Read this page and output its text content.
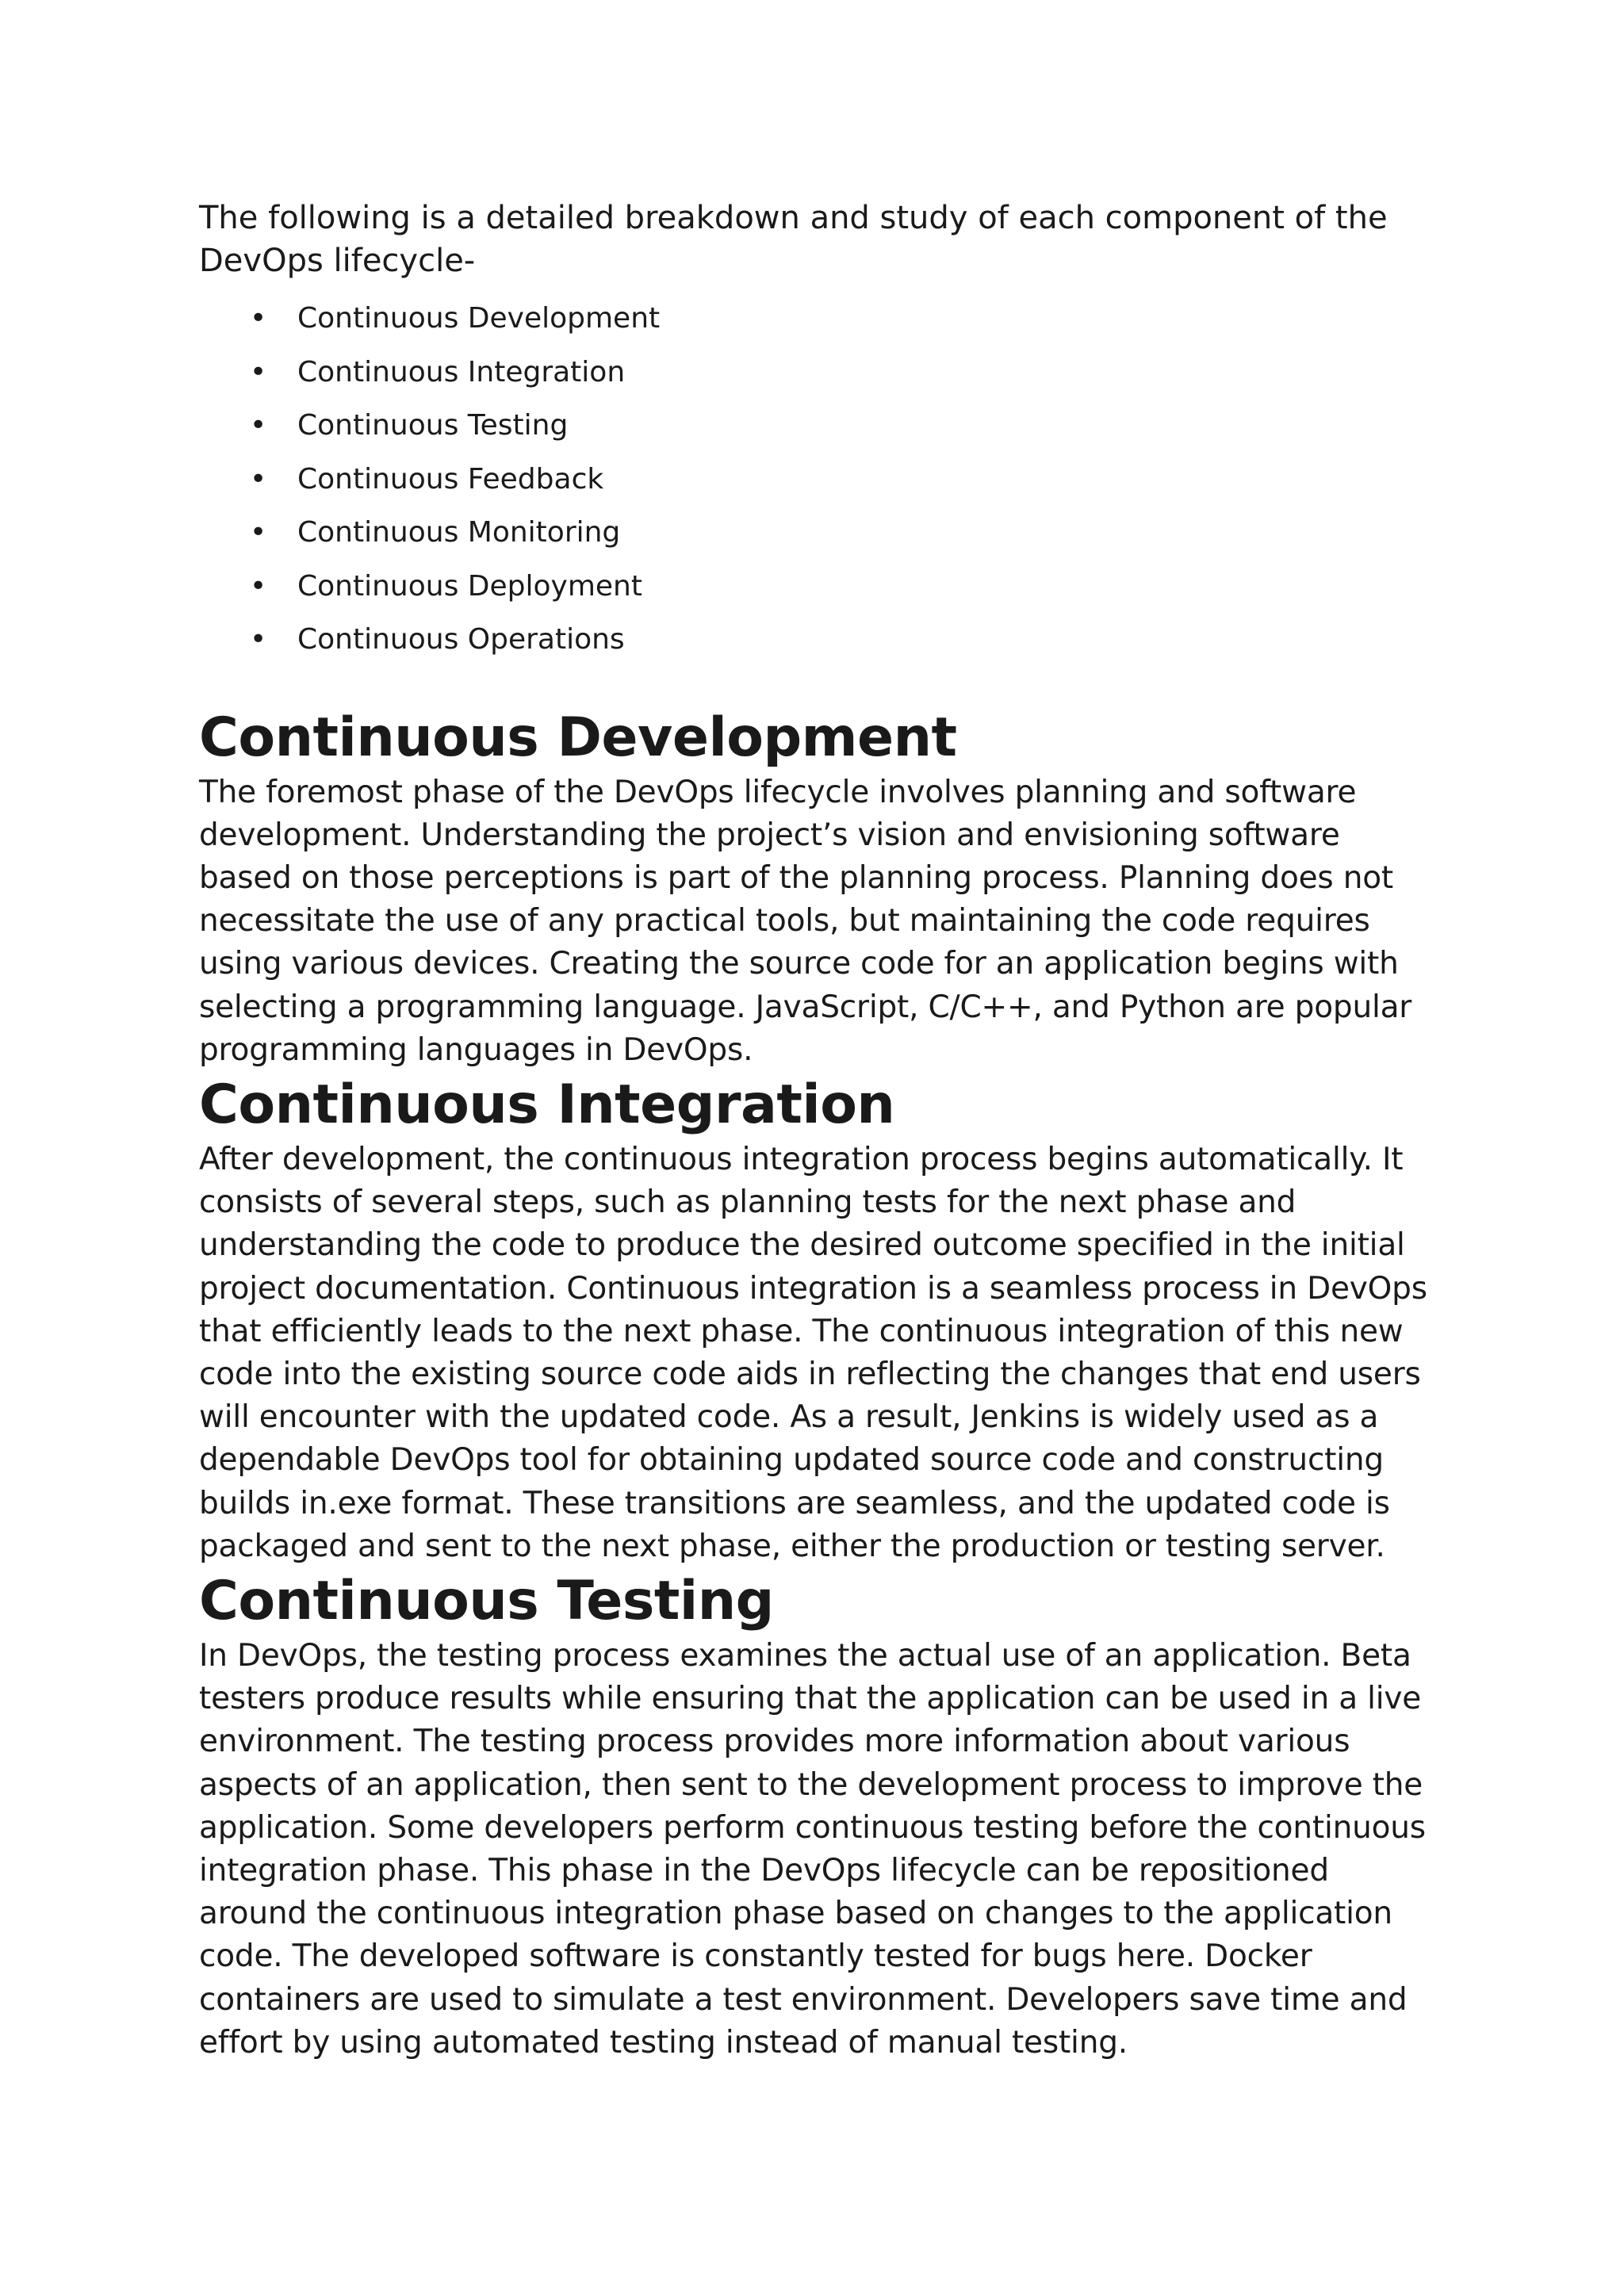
The following is a detailed breakdown and study of each component of the DevOps lifecycle-

• Continuous Development
• Continuous Integration
• Continuous Testing
• Continuous Feedback
• Continuous Monitoring
• Continuous Deployment
• Continuous Operations
Continuous Development

The foremost phase of the DevOps lifecycle involves planning and software development. Understanding the project’s vision and envisioning software based on those perceptions is part of the planning process. Planning does not necessitate the use of any practical tools, but maintaining the code requires using various devices. Creating the source code for an application begins with selecting a programming language. JavaScript, C/C++, and Python are popular programming languages in DevOps.

Continuous Integration

After development, the continuous integration process begins automatically. It consists of several steps, such as planning tests for the next phase and understanding the code to produce the desired outcome specified in the initial project documentation. Continuous integration is a seamless process in DevOps that efficiently leads to the next phase. The continuous integration of this new code into the existing source code aids in reflecting the changes that end users will encounter with the updated code. As a result, Jenkins is widely used as a dependable DevOps tool for obtaining updated source code and constructing builds in.exe format. These transitions are seamless, and the updated code is packaged and sent to the next phase, either the production or testing server.

Continuous Testing

In DevOps, the testing process examines the actual use of an application. Beta testers produce results while ensuring that the application can be used in a live environment. The testing process provides more information about various aspects of an application, then sent to the development process to improve the application. Some developers perform continuous testing before the continuous integration phase. This phase in the DevOps lifecycle can be repositioned around the continuous integration phase based on changes to the application code. The developed software is constantly tested for bugs here. Docker containers are used to simulate a test environment. Developers save time and effort by using automated testing instead of manual testing.
